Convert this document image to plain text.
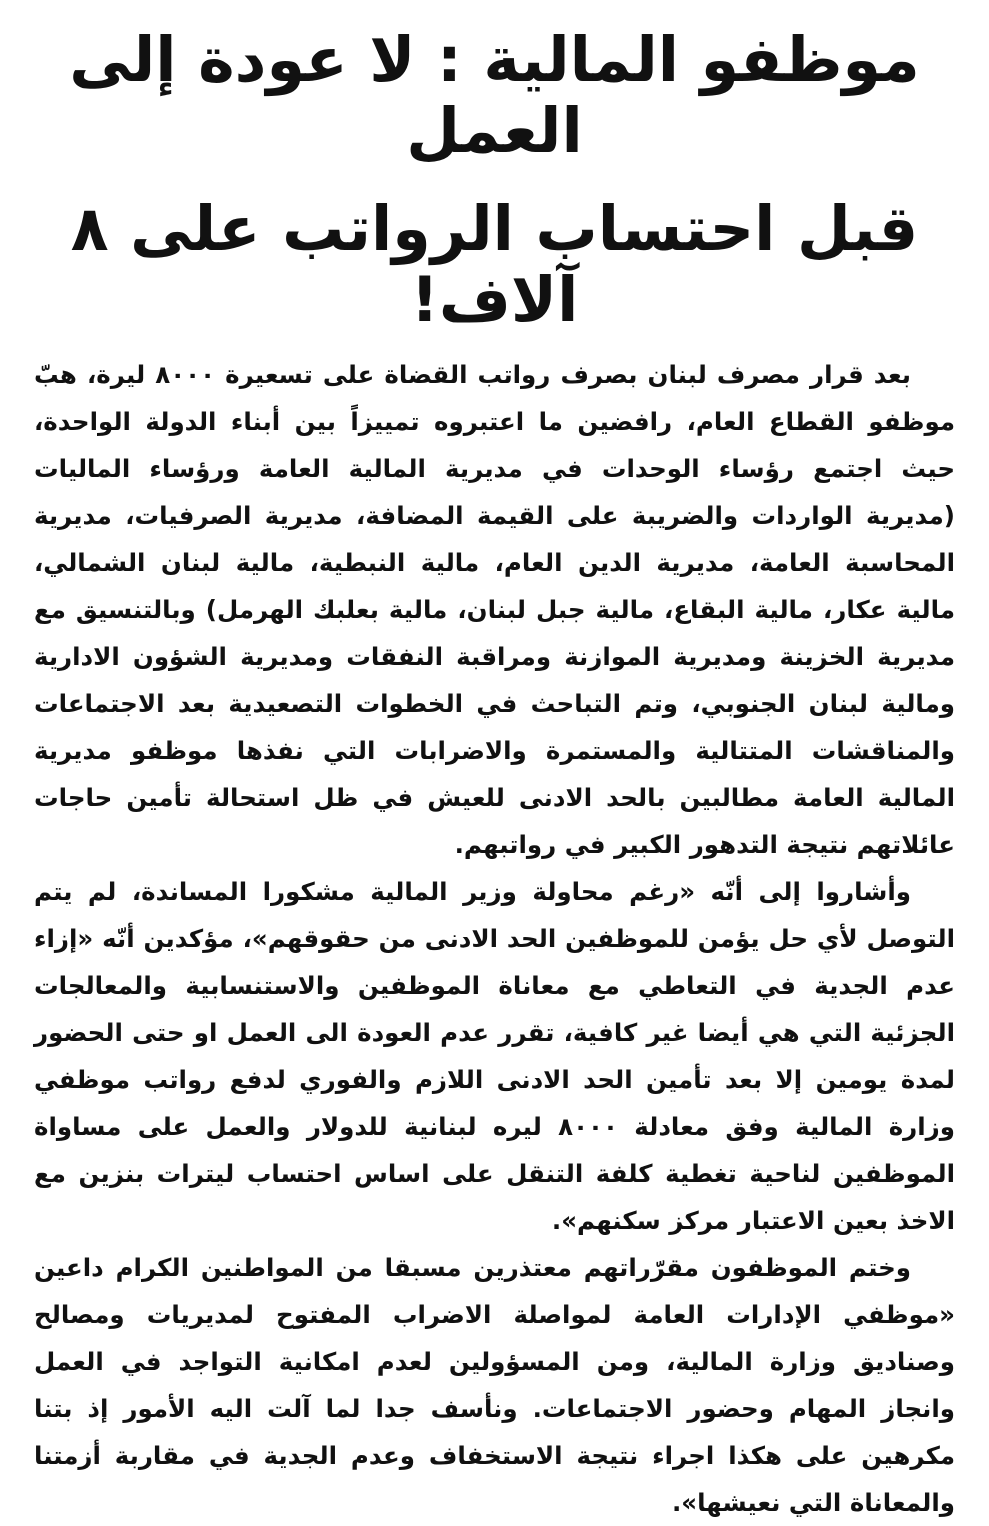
موظفو المالية : لا عودة إلى العمل
قبل احتساب الرواتب على ٨ آلاف!

بعد قرار مصرف لبنان بصرف رواتب القضاة على تسعيرة ٨٠٠٠ ليرة، هبّ موظفو القطاع العام، رافضين ما اعتبروه تمييزاً بين أبناء الدولة الواحدة، حيث اجتمع رؤساء الوحدات في مديرية المالية العامة ورؤساء الماليات (مديرية الواردات والضريبة على القيمة المضافة، مديرية الصرفيات، مديرية المحاسبة العامة، مديرية الدين العام، مالية النبطية، مالية لبنان الشمالي، مالية عكار، مالية البقاع، مالية جبل لبنان، مالية بعلبك الهرمل) وبالتنسيق مع مديرية الخزينة ومديرية الموازنة ومراقبة النفقات ومديرية الشؤون الادارية ومالية لبنان الجنوبي، وتم التباحث في الخطوات التصعيدية بعد الاجتماعات والمناقشات المتتالية والمستمرة والاضرابات التي نفذها موظفو مديرية المالية العامة مطالبين بالحد الادنى للعيش في ظل استحالة تأمين حاجات عائلاتهم نتيجة التدهور الكبير في رواتبهم.

وأشاروا إلى أنّه «رغم محاولة وزير المالية مشكورا المساندة، لم يتم التوصل لأي حل يؤمن للموظفين الحد الادنى من حقوقهم»، مؤكدين أنّه «إزاء عدم الجدية في التعاطي مع معاناة الموظفين والاستنسابية والمعالجات الجزئية التي هي أيضا غير كافية، تقرر عدم العودة الى العمل او حتى الحضور لمدة يومين إلا بعد تأمين الحد الادنى اللازم والفوري لدفع رواتب موظفي وزارة المالية وفق معادلة ٨٠٠٠ ليره لبنانية للدولار والعمل على مساواة الموظفين لناحية تغطية كلفة التنقل على اساس احتساب ليترات بنزين مع الاخذ بعين الاعتبار مركز سكنهم».

وختم الموظفون مقرّراتهم معتذرين مسبقا من المواطنين الكرام داعين «موظفي الإدارات العامة لمواصلة الاضراب المفتوح لمديريات ومصالح وصناديق وزارة المالية، ومن المسؤولين لعدم امكانية التواجد في العمل وانجاز المهام وحضور الاجتماعات. ونأسف جدا لما آلت اليه الأمور إذ بتنا مكرهين على هكذا اجراء نتيجة الاستخفاف وعدم الجدية في مقاربة أزمتنا والمعاناة التي نعيشها».
